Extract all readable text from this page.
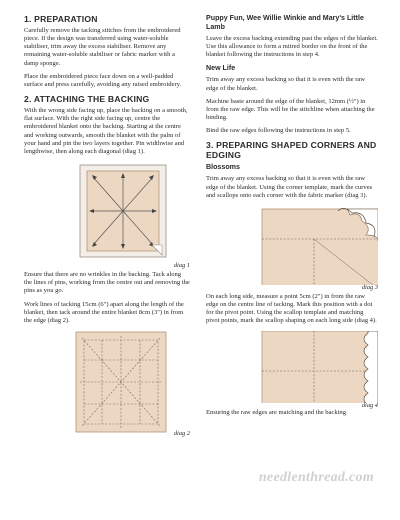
1. PREPARATION

Carefully remove the tacking stitches from the embroidered piece. If the design was transferred using water-soluble stabiliser, trim away the excess stabiliser. Remove any remaining water-soluble stabiliser or fabric marker with a damp sponge.

Place the embroidered piece face down on a well-padded surface and press carefully, avoiding any raised embroidery.

2. ATTACHING THE BACKING

With the wrong side facing up, place the backing on a smooth, flat surface. With the right side facing up, centre the embroidered blanket onto the backing. Starting at the centre and working outwards, smooth the blanket with the palm of your hand and pin the two layers together. Pin widthwise and lengthwise, then along each diagonal (diag 1).

diag 1

Ensure that there are no wrinkles in the backing. Tack along the lines of pins, working from the centre out and removing the pins as you go.

Work lines of tacking 15cm (6") apart along the length of the blanket, then tack around the entire blanket 8cm (3") in from the edge (diag 2).

diag 2
Puppy Fun, Wee Willie Winkie and Mary's Little Lamb

Leave the excess backing extending past the edges of the blanket. Use this allowance to form a mitred border on the front of the blanket following the instructions in step 4.

New Life

Trim away any excess backing so that it is even with the raw edge of the blanket.

Machine baste around the edge of the blanket, 12mm (½") in from the raw edge. This will be the stitchline when attaching the binding.

Bind the raw edges following the instructions in step 5.

3. PREPARING SHAPED CORNERS AND EDGING
Blossoms

Trim away any excess backing so that it is even with the raw edge of the blanket. Using the corner template, mark the curves and scallops onto each corner with the fabric marker (diag 3).

diag 3

On each long side, measure a point 5cm (2") in from the raw edge on the centre line of tacking. Mark this position with a dot for the pivot point. Using the scallop template and matching pivot points, mark the scallop shaping on each long side (diag 4).

diag 4

Ensuring the raw edges are matching and the backing

needlenthread.com
